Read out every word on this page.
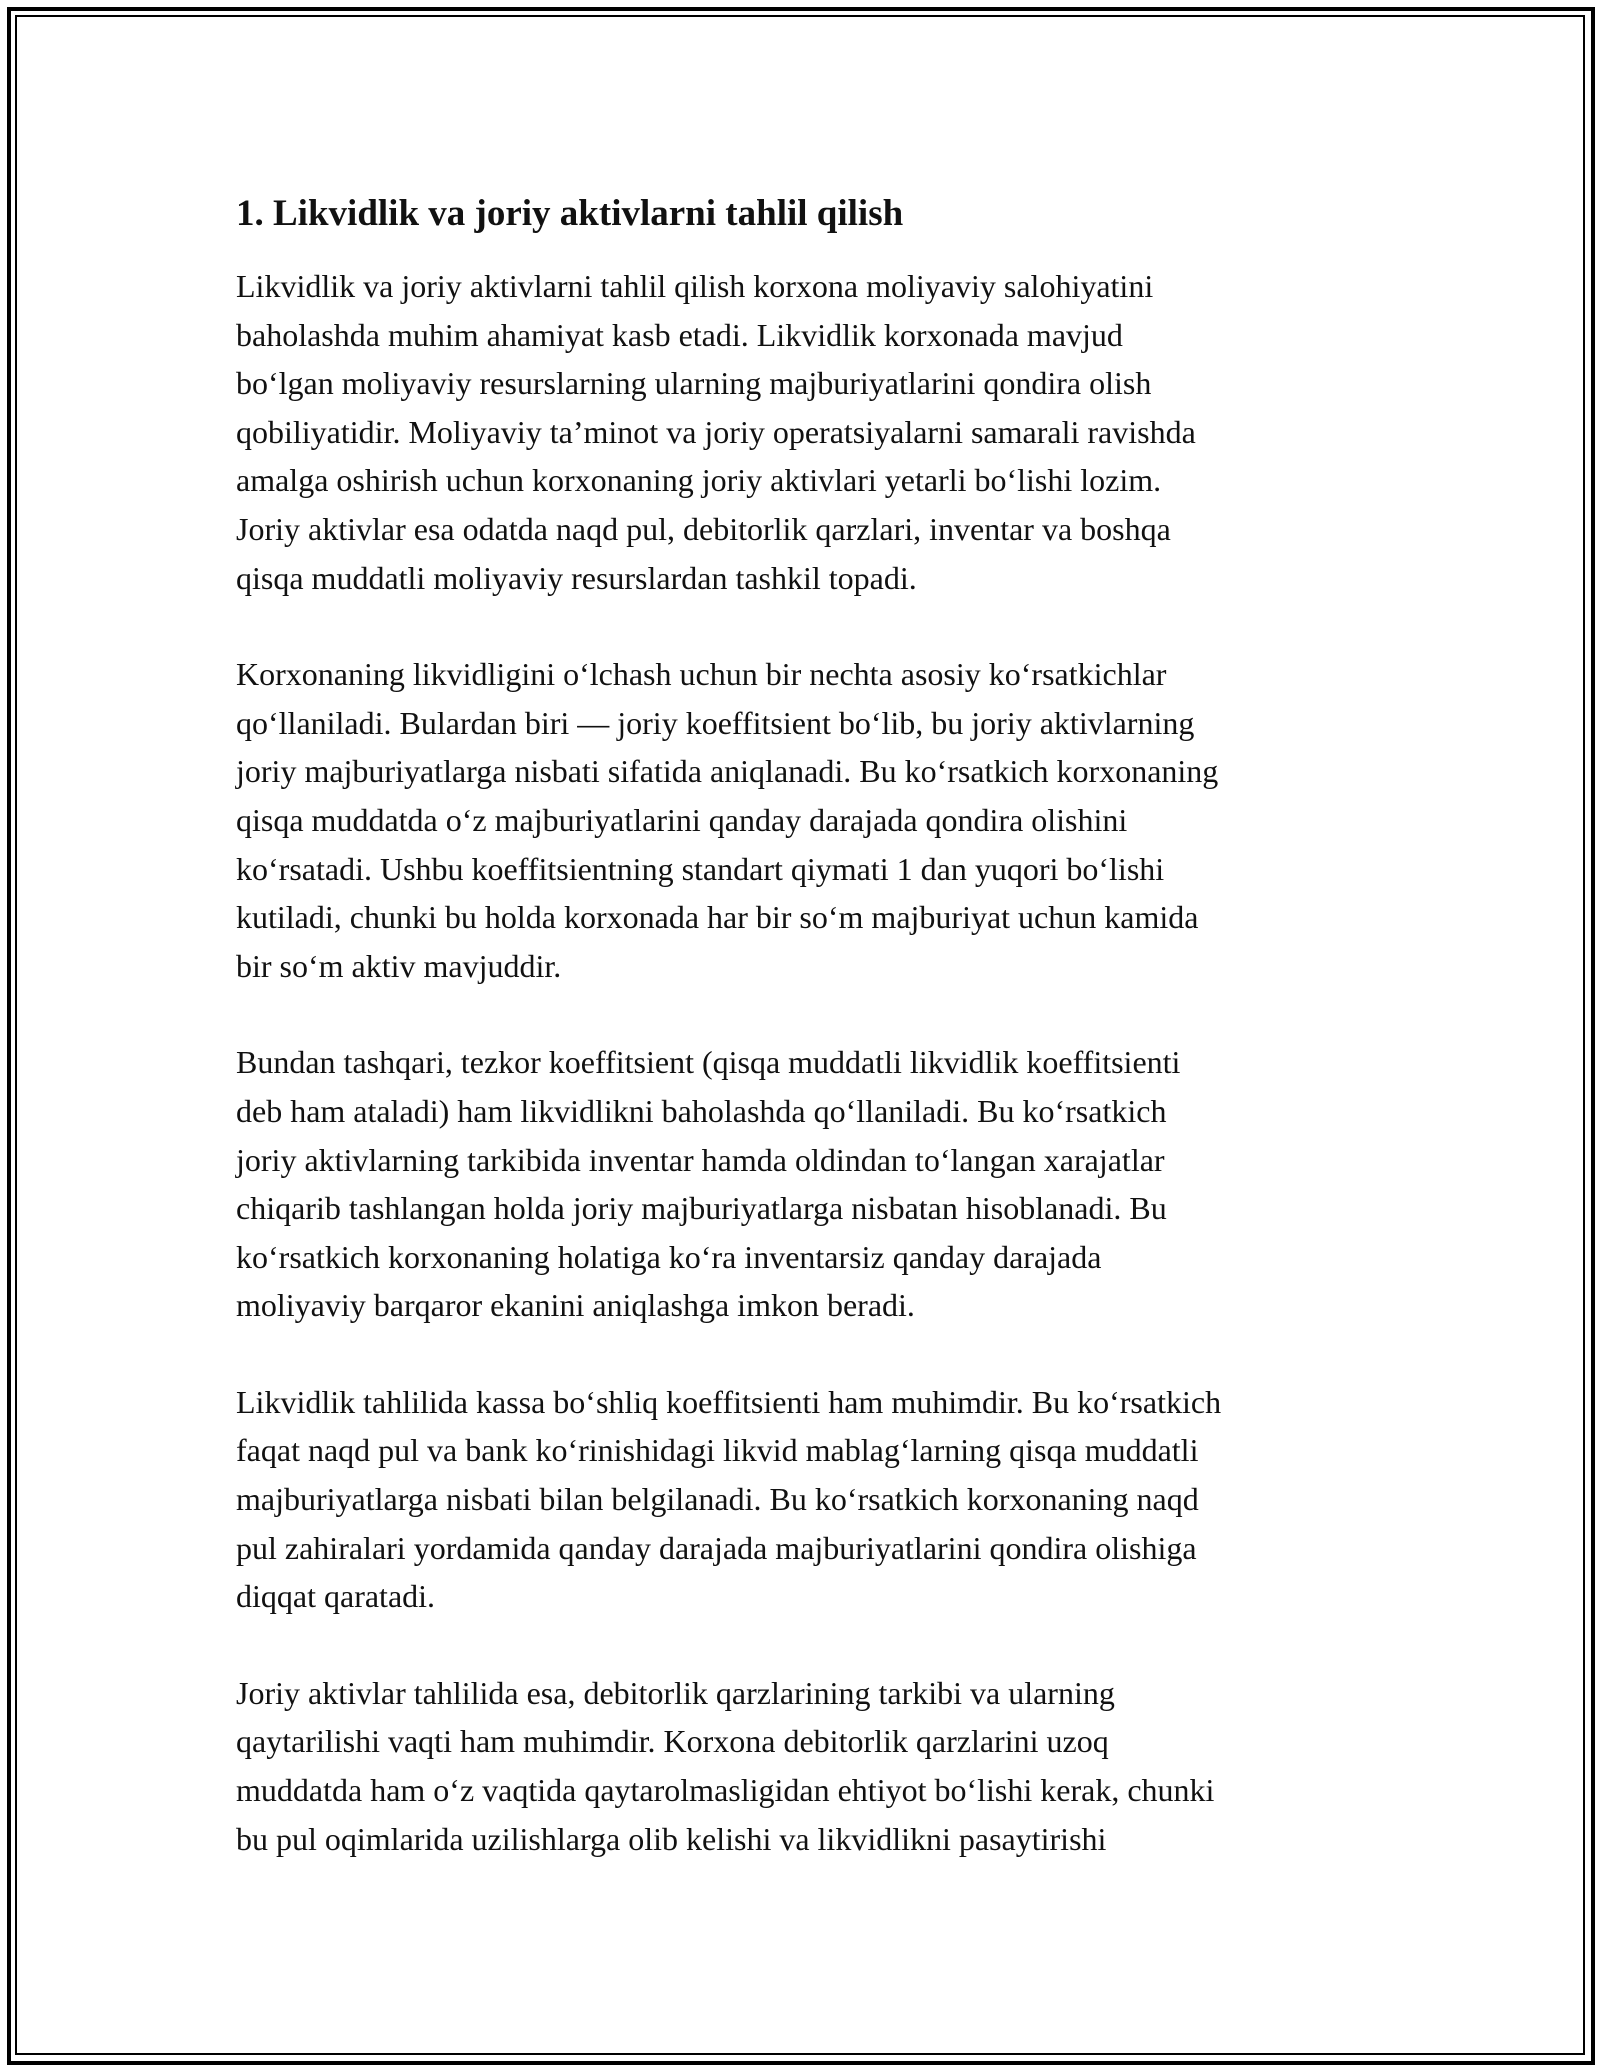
1. Likvidlik va joriy aktivlarni tahlil qilish

Likvidlik va joriy aktivlarni tahlil qilish korxona moliyaviy salohiyatini
baholashda muhim ahamiyat kasb etadi. Likvidlik korxonada mavjud
bo‘lgan moliyaviy resurslarning ularning majburiyatlarini qondira olish
qobiliyatidir. Moliyaviy ta’minot va joriy operatsiyalarni samarali ravishda
amalga oshirish uchun korxonaning joriy aktivlari yetarli bo‘lishi lozim.
Joriy aktivlar esa odatda naqd pul, debitorlik qarzlari, inventar va boshqa
qisqa muddatli moliyaviy resurslardan tashkil topadi.

Korxonaning likvidligini o‘lchash uchun bir nechta asosiy ko‘rsatkichlar
qo‘llaniladi. Bulardan biri — joriy koeffitsient bo‘lib, bu joriy aktivlarning
joriy majburiyatlarga nisbati sifatida aniqlanadi. Bu ko‘rsatkich korxonaning
qisqa muddatda o‘z majburiyatlarini qanday darajada qondira olishini
ko‘rsatadi. Ushbu koeffitsientning standart qiymati 1 dan yuqori bo‘lishi
kutiladi, chunki bu holda korxonada har bir so‘m majburiyat uchun kamida
bir so‘m aktiv mavjuddir.

Bundan tashqari, tezkor koeffitsient (qisqa muddatli likvidlik koeffitsienti
deb ham ataladi) ham likvidlikni baholashda qo‘llaniladi. Bu ko‘rsatkich
joriy aktivlarning tarkibida inventar hamda oldindan to‘langan xarajatlar
chiqarib tashlangan holda joriy majburiyatlarga nisbatan hisoblanadi. Bu
ko‘rsatkich korxonaning holatiga ko‘ra inventarsiz qanday darajada
moliyaviy barqaror ekanini aniqlashga imkon beradi.

Likvidlik tahlilida kassa bo‘shliq koeffitsienti ham muhimdir. Bu ko‘rsatkich
faqat naqd pul va bank ko‘rinishidagi likvid mablag‘larning qisqa muddatli
majburiyatlarga nisbati bilan belgilanadi. Bu ko‘rsatkich korxonaning naqd
pul zahiralari yordamida qanday darajada majburiyatlarini qondira olishiga
diqqat qaratadi.

Joriy aktivlar tahlilida esa, debitorlik qarzlarining tarkibi va ularning
qaytarilishi vaqti ham muhimdir. Korxona debitorlik qarzlarini uzoq
muddatda ham o‘z vaqtida qaytarolmasligidan ehtiyot bo‘lishi kerak, chunki
bu pul oqimlarida uzilishlarga olib kelishi va likvidlikni pasaytirishi
